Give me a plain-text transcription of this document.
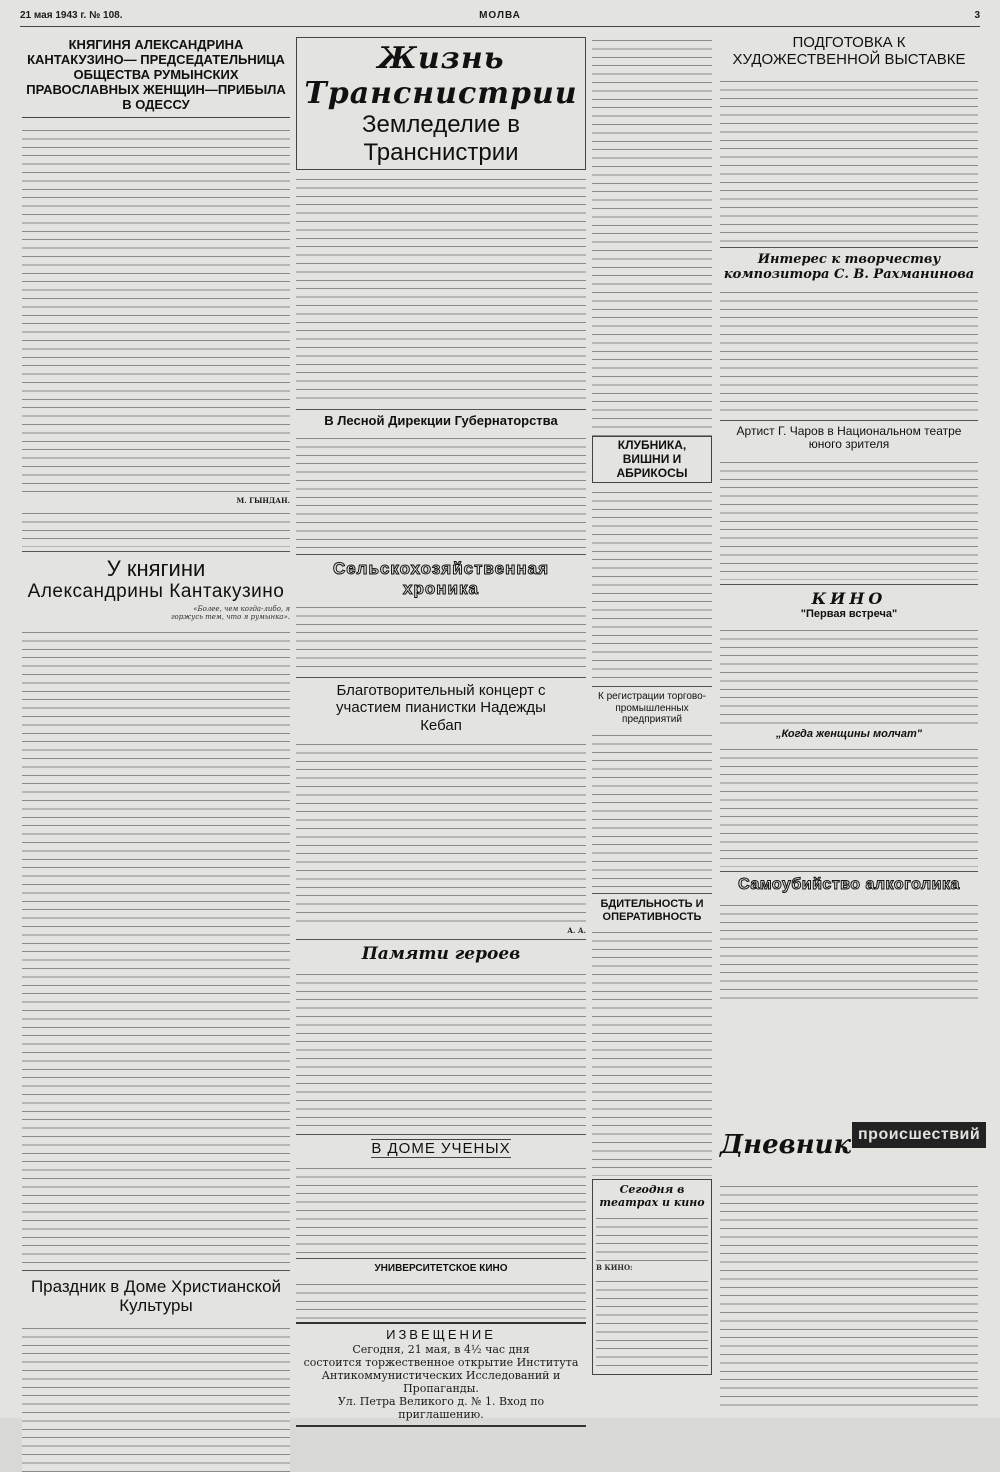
21 мая 1943 г. № 108.	МОЛВА	3
КНЯГИНЯ АЛЕКСАНДРИНА КАНТАКУЗИНО— ПРЕДСЕДАТЕЛЬНИЦА ОБЩЕСТВА РУМЫНСКИХ ПРАВОСЛАВНЫХ ЖЕНЩИН—ПРИБЫЛА В ОДЕССУ
М. ГЫНДАН.
У княгини
Александрины Кантакузино
«Более, чем когда-либо, я горжусь тем, что я румынка».
Праздник в Доме Христианской Культуры
Жизнь Транснистрии
Земледелие в Транснистрии
В Лесной Дирекции Губернаторства
Сельскохозяйственная хроника
Благотворительный концерт с участием пианистки Надежды Кебап
А. А.
Памяти героев
В ДОМЕ УЧЕНЫХ
УНИВЕРСИТЕТСКОЕ КИНО
ИЗВЕЩЕНИЕ
Сегодня, 21 мая, в 4½ час дня
состоится торжественное открытие Института
Антикоммунистических Исследований и Пропаганды.
Ул. Петра Великого д. № 1. Вход по приглашению.
КЛУБНИКА, ВИШНИ И АБРИКОСЫ
К регистрации торгово-промышленных предприятий
БДИТЕЛЬНОСТЬ И ОПЕРАТИВНОСТЬ
Сегодня в театрах и кино
В КИНО:
ПОДГОТОВКА К ХУДОЖЕСТВЕННОЙ ВЫСТАВКЕ
Интерес к творчеству композитора С. В. Рахманинова
Артист Г. Чаров в Национальном театре юного зрителя
КИНО
"Первая встреча"
„Когда женщины молчат"
Самоубийство алкоголика
Дневник происшествий
